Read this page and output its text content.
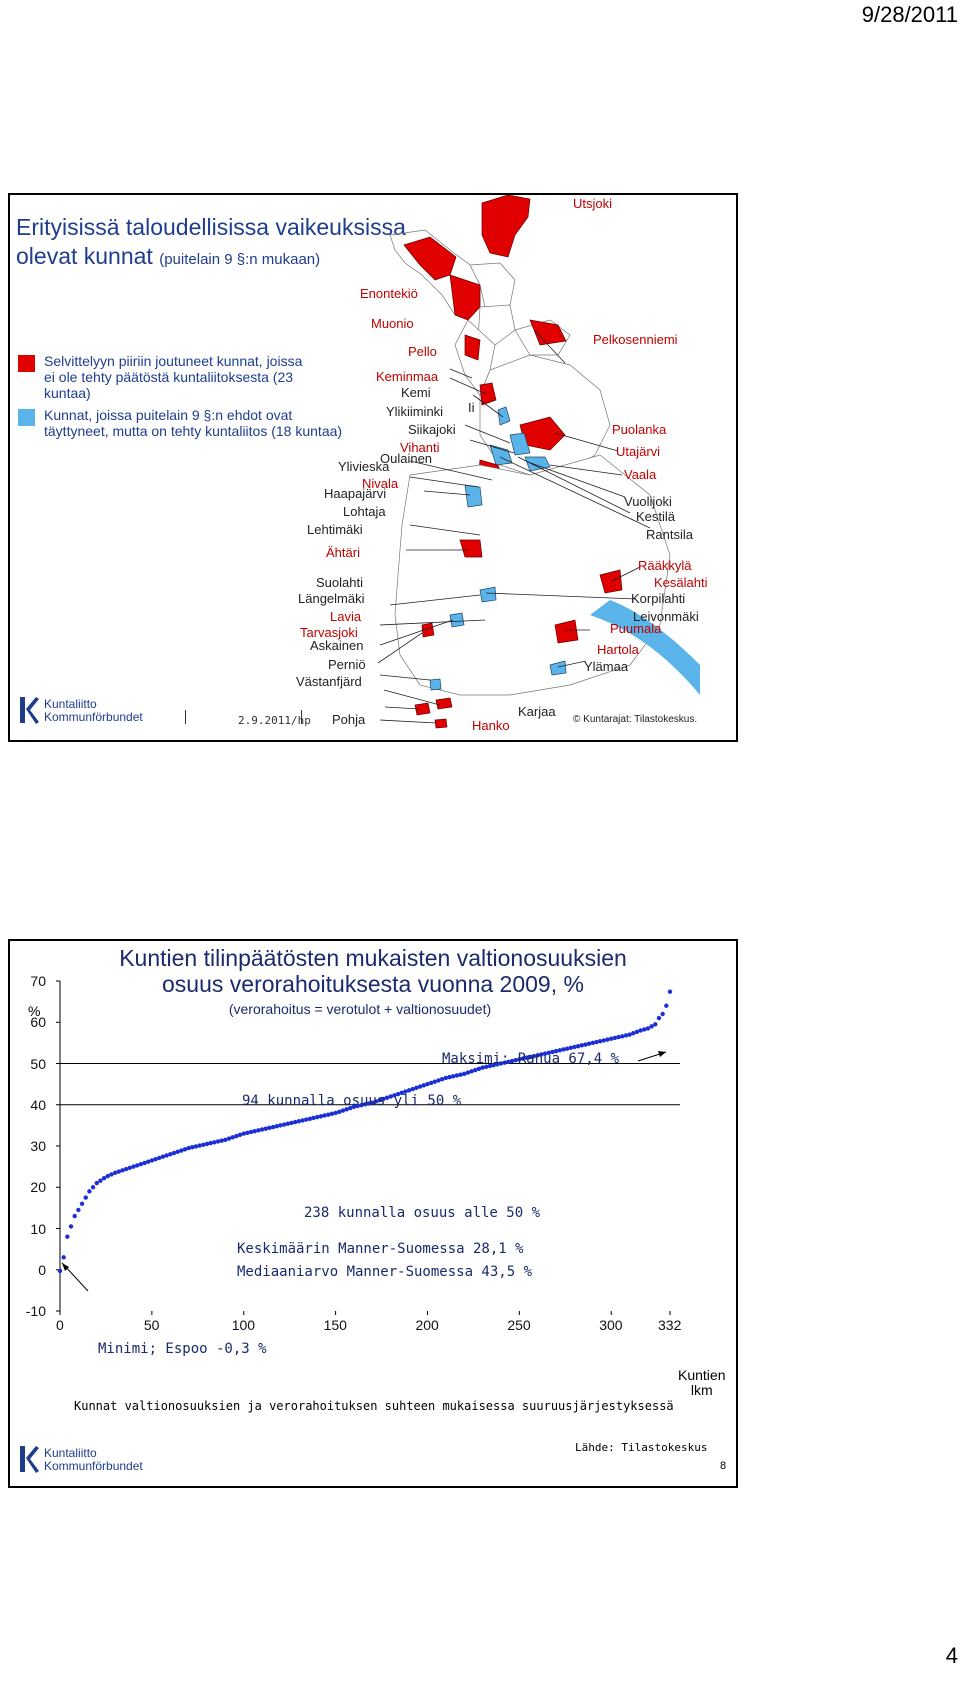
9/28/2011
Erityisissä taloudellisissa vaikeuksissa
olevat kunnat (puitelain 9 §:n mukaan)
Selvittelyyn piiriin joutuneet kunnat, joissa ei ole tehty päätöstä kuntaliitoksesta (23 kuntaa)
Kunnat, joissa puitelain 9 §:n ehdot ovat täyttyneet, mutta on tehty kuntaliitos (18 kuntaa)
Utsjoki
Enontekiö
Muonio
Pello
Pelkosenniemi
Keminmaa
Kemi
Ii
Ylikiiminki
Siikajoki	Puolanka
Vihanti	Utajärvi
Oulainen
Ylivieska
Vaala
Nivala
Haapajärvi
Vuolijoki
Lohtaja	Kestilä
Lehtimäki	Rantsila
Ähtäri
Rääkkylä
Suolahti	Kesälahti
Längelmäki	Korpilahti
Lavia	Leivonmäki
Puumala
Tarvasjoki
Askainen	Hartola
Perniö	Ylämaa
Västanfjärd
Karjaa
Pohja	Hanko
Kuntaliitto
Kommunförbundet	2.9.2011/hp	© Kuntarajat: Tilastokeskus.
Kuntien tilinpäätösten mukaisten valtionosuuksien
osuus verorahoituksesta vuonna 2009, %
(verorahoitus = verotulot + valtionosuudet)
%
70
60
50
40
30
20
10
0
-10
0	50	100	150	200	250	300	332
Maksimi: Ranua 67,4 %
94 kunnalla osuus yli 50 %
238 kunnalla osuus alle 50 %
Keskimäärin Manner-Suomessa 28,1 %
Mediaaniarvo Manner-Suomessa 43,5 %
Minimi; Espoo -0,3 %
Kuntien
lkm
Kunnat valtionosuuksien ja verorahoituksen suhteen mukaisessa suuruusjärjestyksessä
Kuntaliitto
Kommunförbundet
Lähde: Tilastokeskus
8
4
